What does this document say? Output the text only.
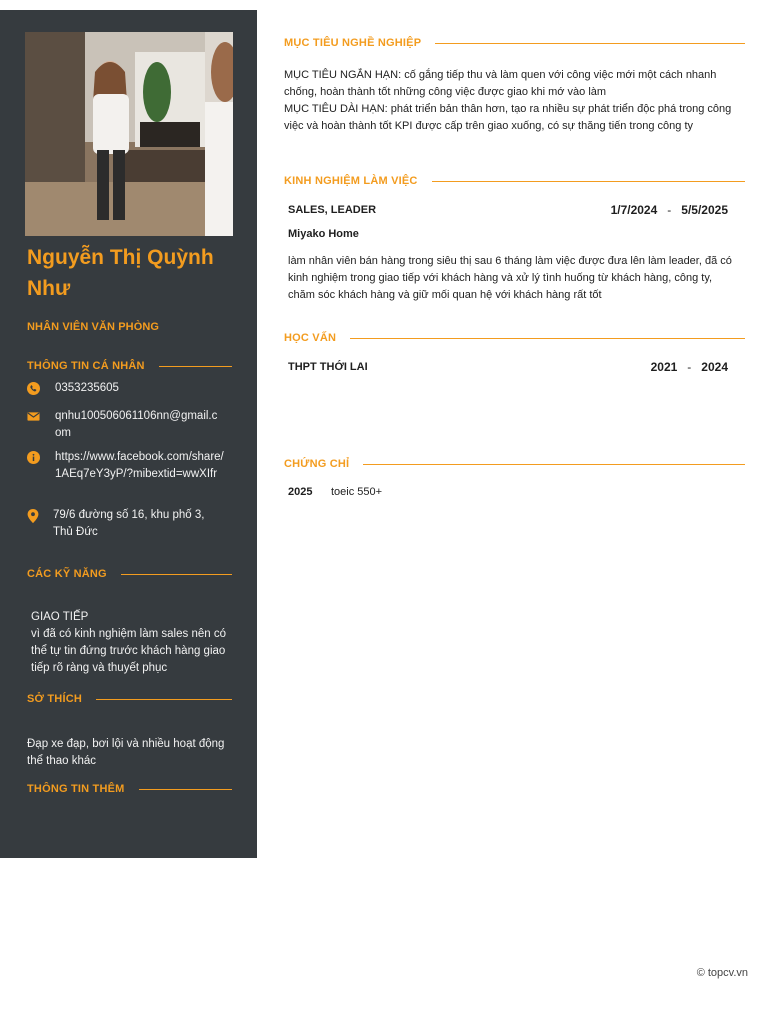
Nguyễn Thị Quỳnh Như
NHÂN VIÊN VĂN PHÒNG
THÔNG TIN CÁ NHÂN
0353235605
qnhu100506061106nn@gmail.com
https://www.facebook.com/share/1AEq7eY3yP/?mibextid=wwXIfr
79/6 đường số 16, khu phố 3, Thủ Đức
CÁC KỸ NĂNG
GIAO TIẾP
vì đã có kinh nghiệm làm sales nên có thể tự tin đứng trước khách hàng giao tiếp rõ ràng và thuyết phục
SỞ THÍCH
Đạp xe đạp, bơi lội và nhiều hoạt động thể thao khác
THÔNG TIN THÊM
MỤC TIÊU NGHỀ NGHIỆP
MỤC TIÊU NGẮN HẠN: cố gắng tiếp thu và làm quen với công việc mới một cách nhanh chống, hoàn thành tốt những công việc được giao khi mớ vào làm
MỤC TIÊU DÀI HẠN: phát triển bản thân hơn, tạo ra nhiều sự phát triển độc phá trong công việc và hoàn thành tốt KPI được cấp trên giao xuống, có sự thăng tiến trong công ty
KINH NGHIỆM LÀM VIỆC
SALES, LEADER	1/7/2024 - 5/5/2025
Miyako Home
làm nhân viên bán hàng trong siêu thị sau 6 tháng làm việc được đưa lên làm leader, đã có kinh nghiệm trong giao tiếp với khách hàng và xử lý tình huống từ khách hàng, công ty, chăm sóc khách hàng và giữ mối quan hệ với khách hàng rất tốt
HỌC VẤN
THPT THỚI LAI	2021 - 2024
CHỨNG CHỈ
2025	toeic 550+
© topcv.vn
